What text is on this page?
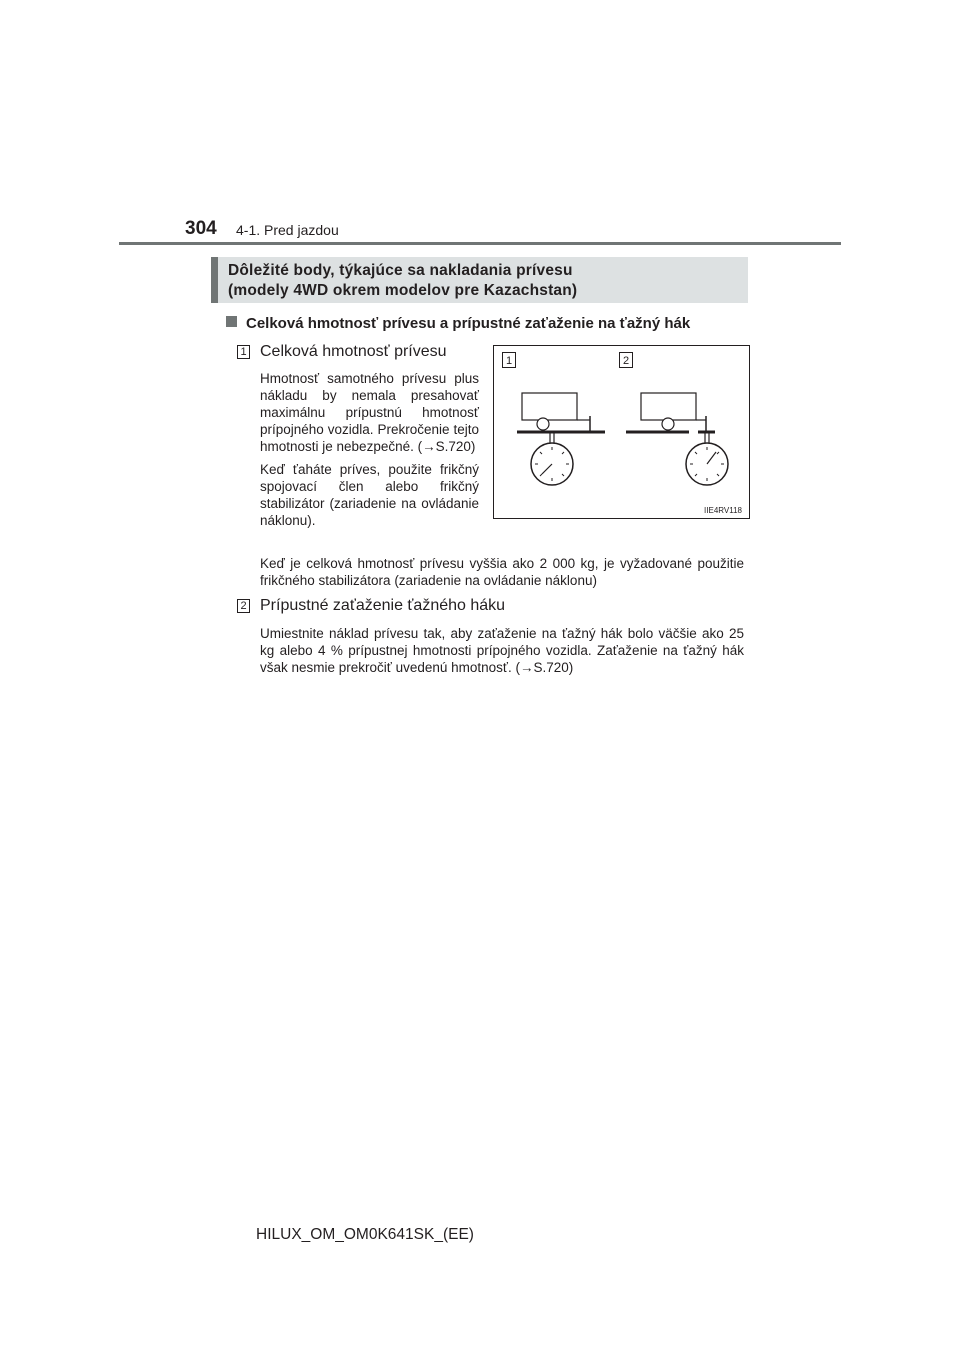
304 4-1. Pred jazdou
Dôležité body, týkajúce sa nakladania prívesu
(modely 4WD okrem modelov pre Kazachstan)
Celková hmotnosť prívesu a prípustné zaťaženie na ťažný hák
1 Celková hmotnosť prívesu

Hmotnosť samotného prívesu plus nákladu by nemala presahovať maximálnu prípustnú hmotnosť prípojného vozidla. Prekročenie tejto hmotnosti je nebezpečné. (→S.720)

Keď ťaháte príves, použite frikčný spojovací člen alebo frikčný stabilizátor (zariadenie na ovládanie náklonu).

Keď je celková hmotnosť prívesu vyššia ako 2 000 kg, je vyžadované použitie frikčného stabilizátora (zariadenie na ovládanie náklonu)
1	2
IIE4RV118
2 Prípustné zaťaženie ťažného háku
Umiestnite náklad prívesu tak, aby zaťaženie na ťažný hák bolo väčšie ako 25 kg alebo 4 % prípustnej hmotnosti prípojného vozidla. Zaťaženie na ťažný hák však nesmie prekročiť uvedenú hmotnosť. (→S.720)
HILUX_OM_OM0K641SK_(EE)
